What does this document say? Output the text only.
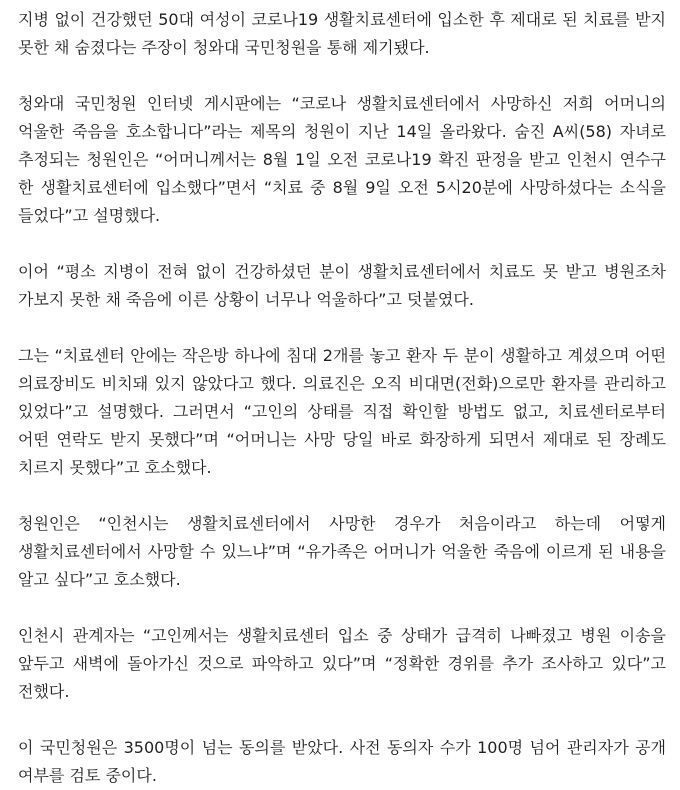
지병 없이 건강했던 50대 여성이 코로나19 생활치료센터에 입소한 후 제대로 된 치료를 받지 못한 채 숨졌다는 주장이 청와대 국민청원을 통해 제기됐다.

청와대 국민청원 인터넷 게시판에는 “코로나 생활치료센터에서 사망하신 저희 어머니의 억울한 죽음을 호소합니다”라는 제목의 청원이 지난 14일 올라왔다. 숨진 A씨(58) 자녀로 추정되는 청원인은 “어머니께서는 8월 1일 오전 코로나19 확진 판정을 받고 인천시 연수구 한 생활치료센터에 입소했다”면서 “치료 중 8월 9일 오전 5시20분에 사망하셨다는 소식을 들었다”고 설명했다.

이어 “평소 지병이 전혀 없이 건강하셨던 분이 생활치료센터에서 치료도 못 받고 병원조차 가보지 못한 채 죽음에 이른 상황이 너무나 억울하다”고 덧붙였다.

그는 “치료센터 안에는 작은방 하나에 침대 2개를 놓고 환자 두 분이 생활하고 계셨으며 어떤 의료장비도 비치돼 있지 않았다고 했다. 의료진은 오직 비대면(전화)으로만 환자를 관리하고 있었다”고 설명했다. 그러면서 “고인의 상태를 직접 확인할 방법도 없고, 치료센터로부터 어떤 연락도 받지 못했다”며 “어머니는 사망 당일 바로 화장하게 되면서 제대로 된 장례도 치르지 못했다”고 호소했다.

청원인은 “인천시는 생활치료센터에서 사망한 경우가 처음이라고 하는데 어떻게 생활치료센터에서 사망할 수 있느냐”며 “유가족은 어머니가 억울한 죽음에 이르게 된 내용을 알고 싶다”고 호소했다.

인천시 관계자는 “고인께서는 생활치료센터 입소 중 상태가 급격히 나빠졌고 병원 이송을 앞두고 새벽에 돌아가신 것으로 파악하고 있다”며 “정확한 경위를 추가 조사하고 있다”고 전했다.

이 국민청원은 3500명이 넘는 동의를 받았다. 사전 동의자 수가 100명 넘어 관리자가 공개 여부를 검토 중이다.
